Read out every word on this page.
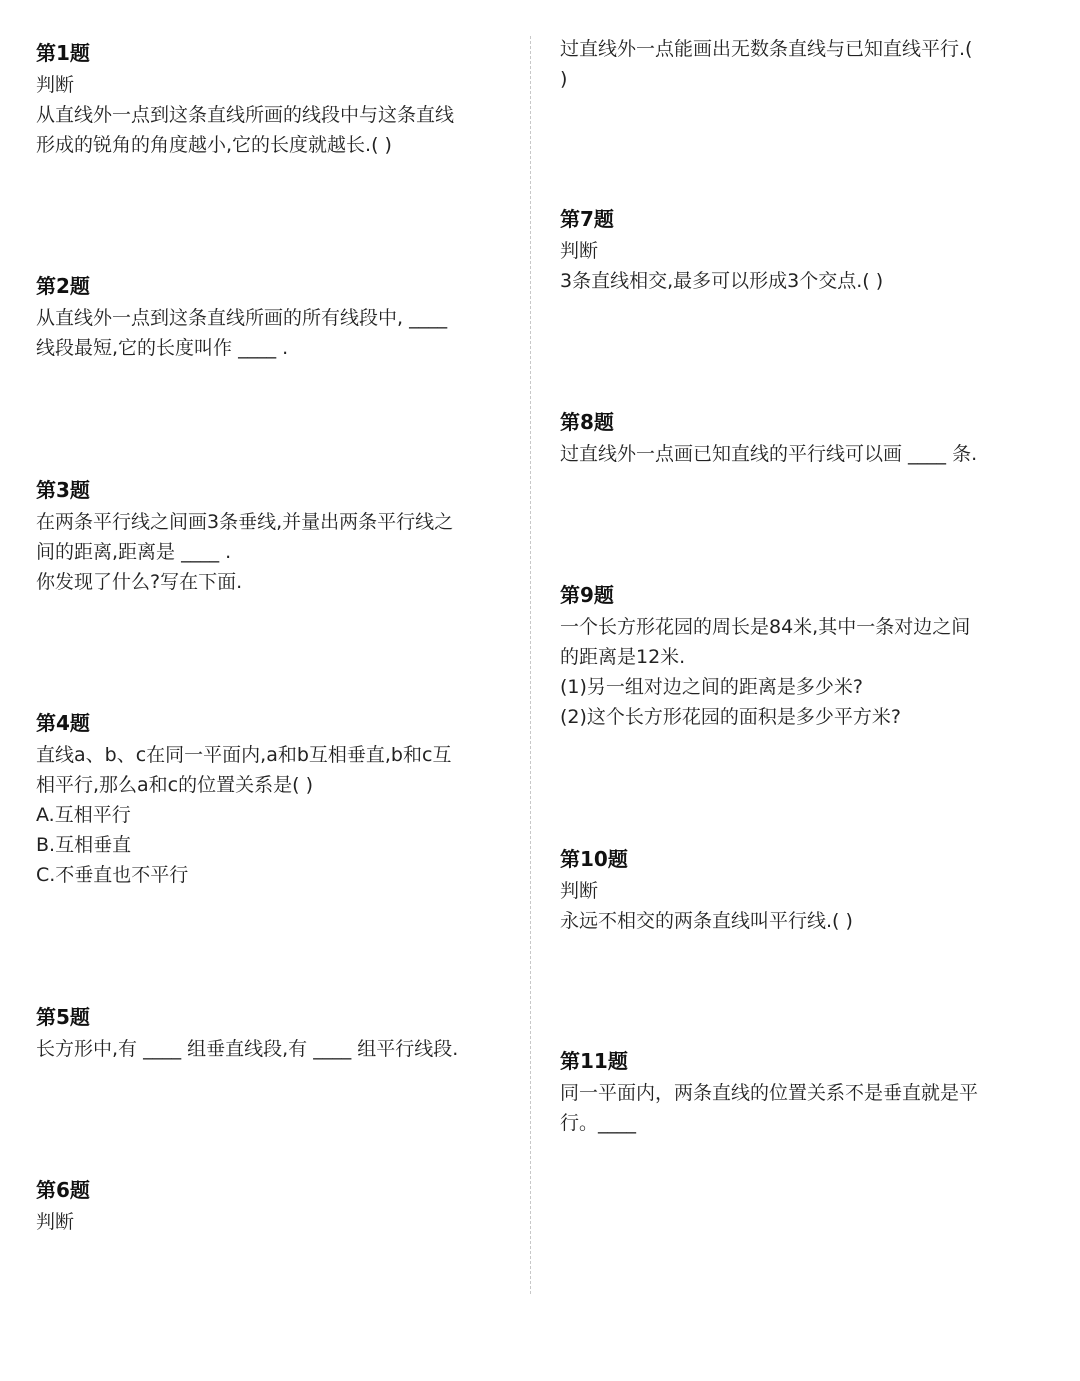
第1题
判断
从直线外一点到这条直线所画的线段中与这条直线
形成的锐角的角度越小,它的长度就越长.( )
第2题
从直线外一点到这条直线所画的所有线段中, ____
线段最短,它的长度叫作 ____ .
第3题
在两条平行线之间画3条垂线,并量出两条平行线之
间的距离,距离是 ____ .
你发现了什么?写在下面.
第4题
直线a、b、c在同一平面内,a和b互相垂直,b和c互
相平行,那么a和c的位置关系是( )
A.互相平行
B.互相垂直
C.不垂直也不平行
第5题
长方形中,有 ____ 组垂直线段,有 ____ 组平行线段.
第6题
判断
过直线外一点能画出无数条直线与已知直线平行.(
)
第7题
判断
3条直线相交,最多可以形成3个交点.( )
第8题
过直线外一点画已知直线的平行线可以画 ____ 条.
第9题
一个长方形花园的周长是84米,其中一条对边之间
的距离是12米.
(1)另一组对边之间的距离是多少米?
(2)这个长方形花园的面积是多少平方米?
第10题
判断
永远不相交的两条直线叫平行线.( )
第11题
同一平面内，两条直线的位置关系不是垂直就是平
行。____
